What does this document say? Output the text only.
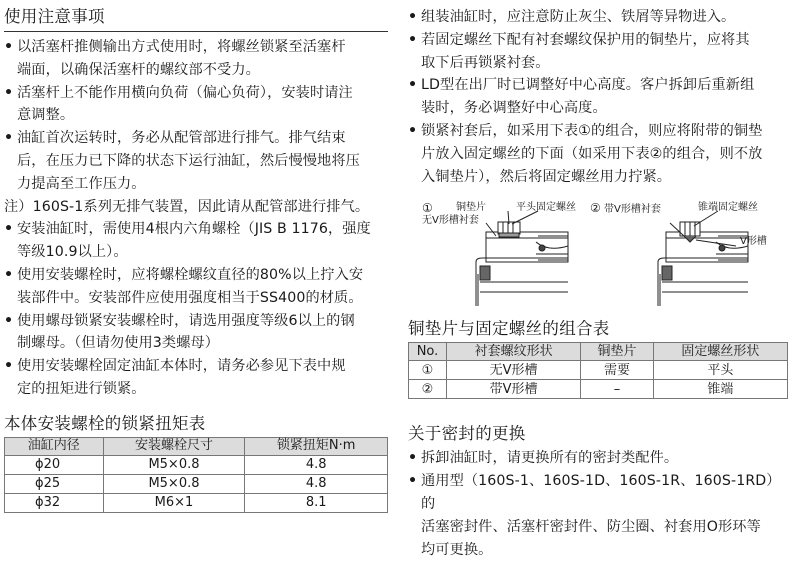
使用注意事项
• 以活塞杆推侧输出方式使用时，将螺丝锁紧至活塞杆
端面，以确保活塞杆的螺纹部不受力。
• 活塞杆上不能作用横向负荷（偏心负荷），安装时请注
意调整。
• 油缸首次运转时，务必从配管部进行排气。排气结束
后，在压力已下降的状态下运行油缸，然后慢慢地将压
力提高至工作压力。
注）160S-1系列无排气装置，因此请从配管部进行排气。
• 安装油缸时，需使用4根内六角螺栓（JIS B 1176，强度
等级10.9以上）。
• 使用安装螺栓时，应将螺栓螺纹直径的80%以上拧入安
装部件中。安装部件应使用强度相当于SS400的材质。
• 使用螺母锁紧安装螺栓时，请选用强度等级6以上的钢
制螺母。（但请勿使用3类螺母）
• 使用安装螺栓固定油缸本体时，请务必参见下表中规
定的扭矩进行锁紧。
本体安装螺栓的锁紧扭矩表
油缸内径	安装螺栓尺寸	锁紧扭矩N·m
ϕ20	M5×0.8	4.8
ϕ25	M5×0.8	4.8
ϕ32	M6×1	8.1
• 组装油缸时，应注意防止灰尘、铁屑等异物进入。
• 若固定螺丝下配有衬套螺纹保护用的铜垫片，应将其
取下后再锁紧衬套。
• LD型在出厂时已调整好中心高度。客户拆卸后重新组
装时，务必调整好中心高度。
• 锁紧衬套后，如采用下表①的组合，则应将附带的铜垫
片放入固定螺丝的下面（如采用下表②的组合，则不放
入铜垫片），然后将固定螺丝用力拧紧。
① 铜垫片	平头固定螺丝
无V形槽衬套
② 带V形槽衬套	锥端固定螺丝
V形槽
铜垫片与固定螺丝的组合表
No.	衬套螺纹形状	铜垫片	固定螺丝形状
①	无V形槽	需要	平头
②	带V形槽	–	锥端
关于密封的更换
• 拆卸油缸时，请更换所有的密封类配件。
• 通用型（160S-1、160S-1D、160S-1R、160S-1RD）的
活塞密封件、活塞杆密封件、防尘圈、衬套用O形环等
均可更换。
